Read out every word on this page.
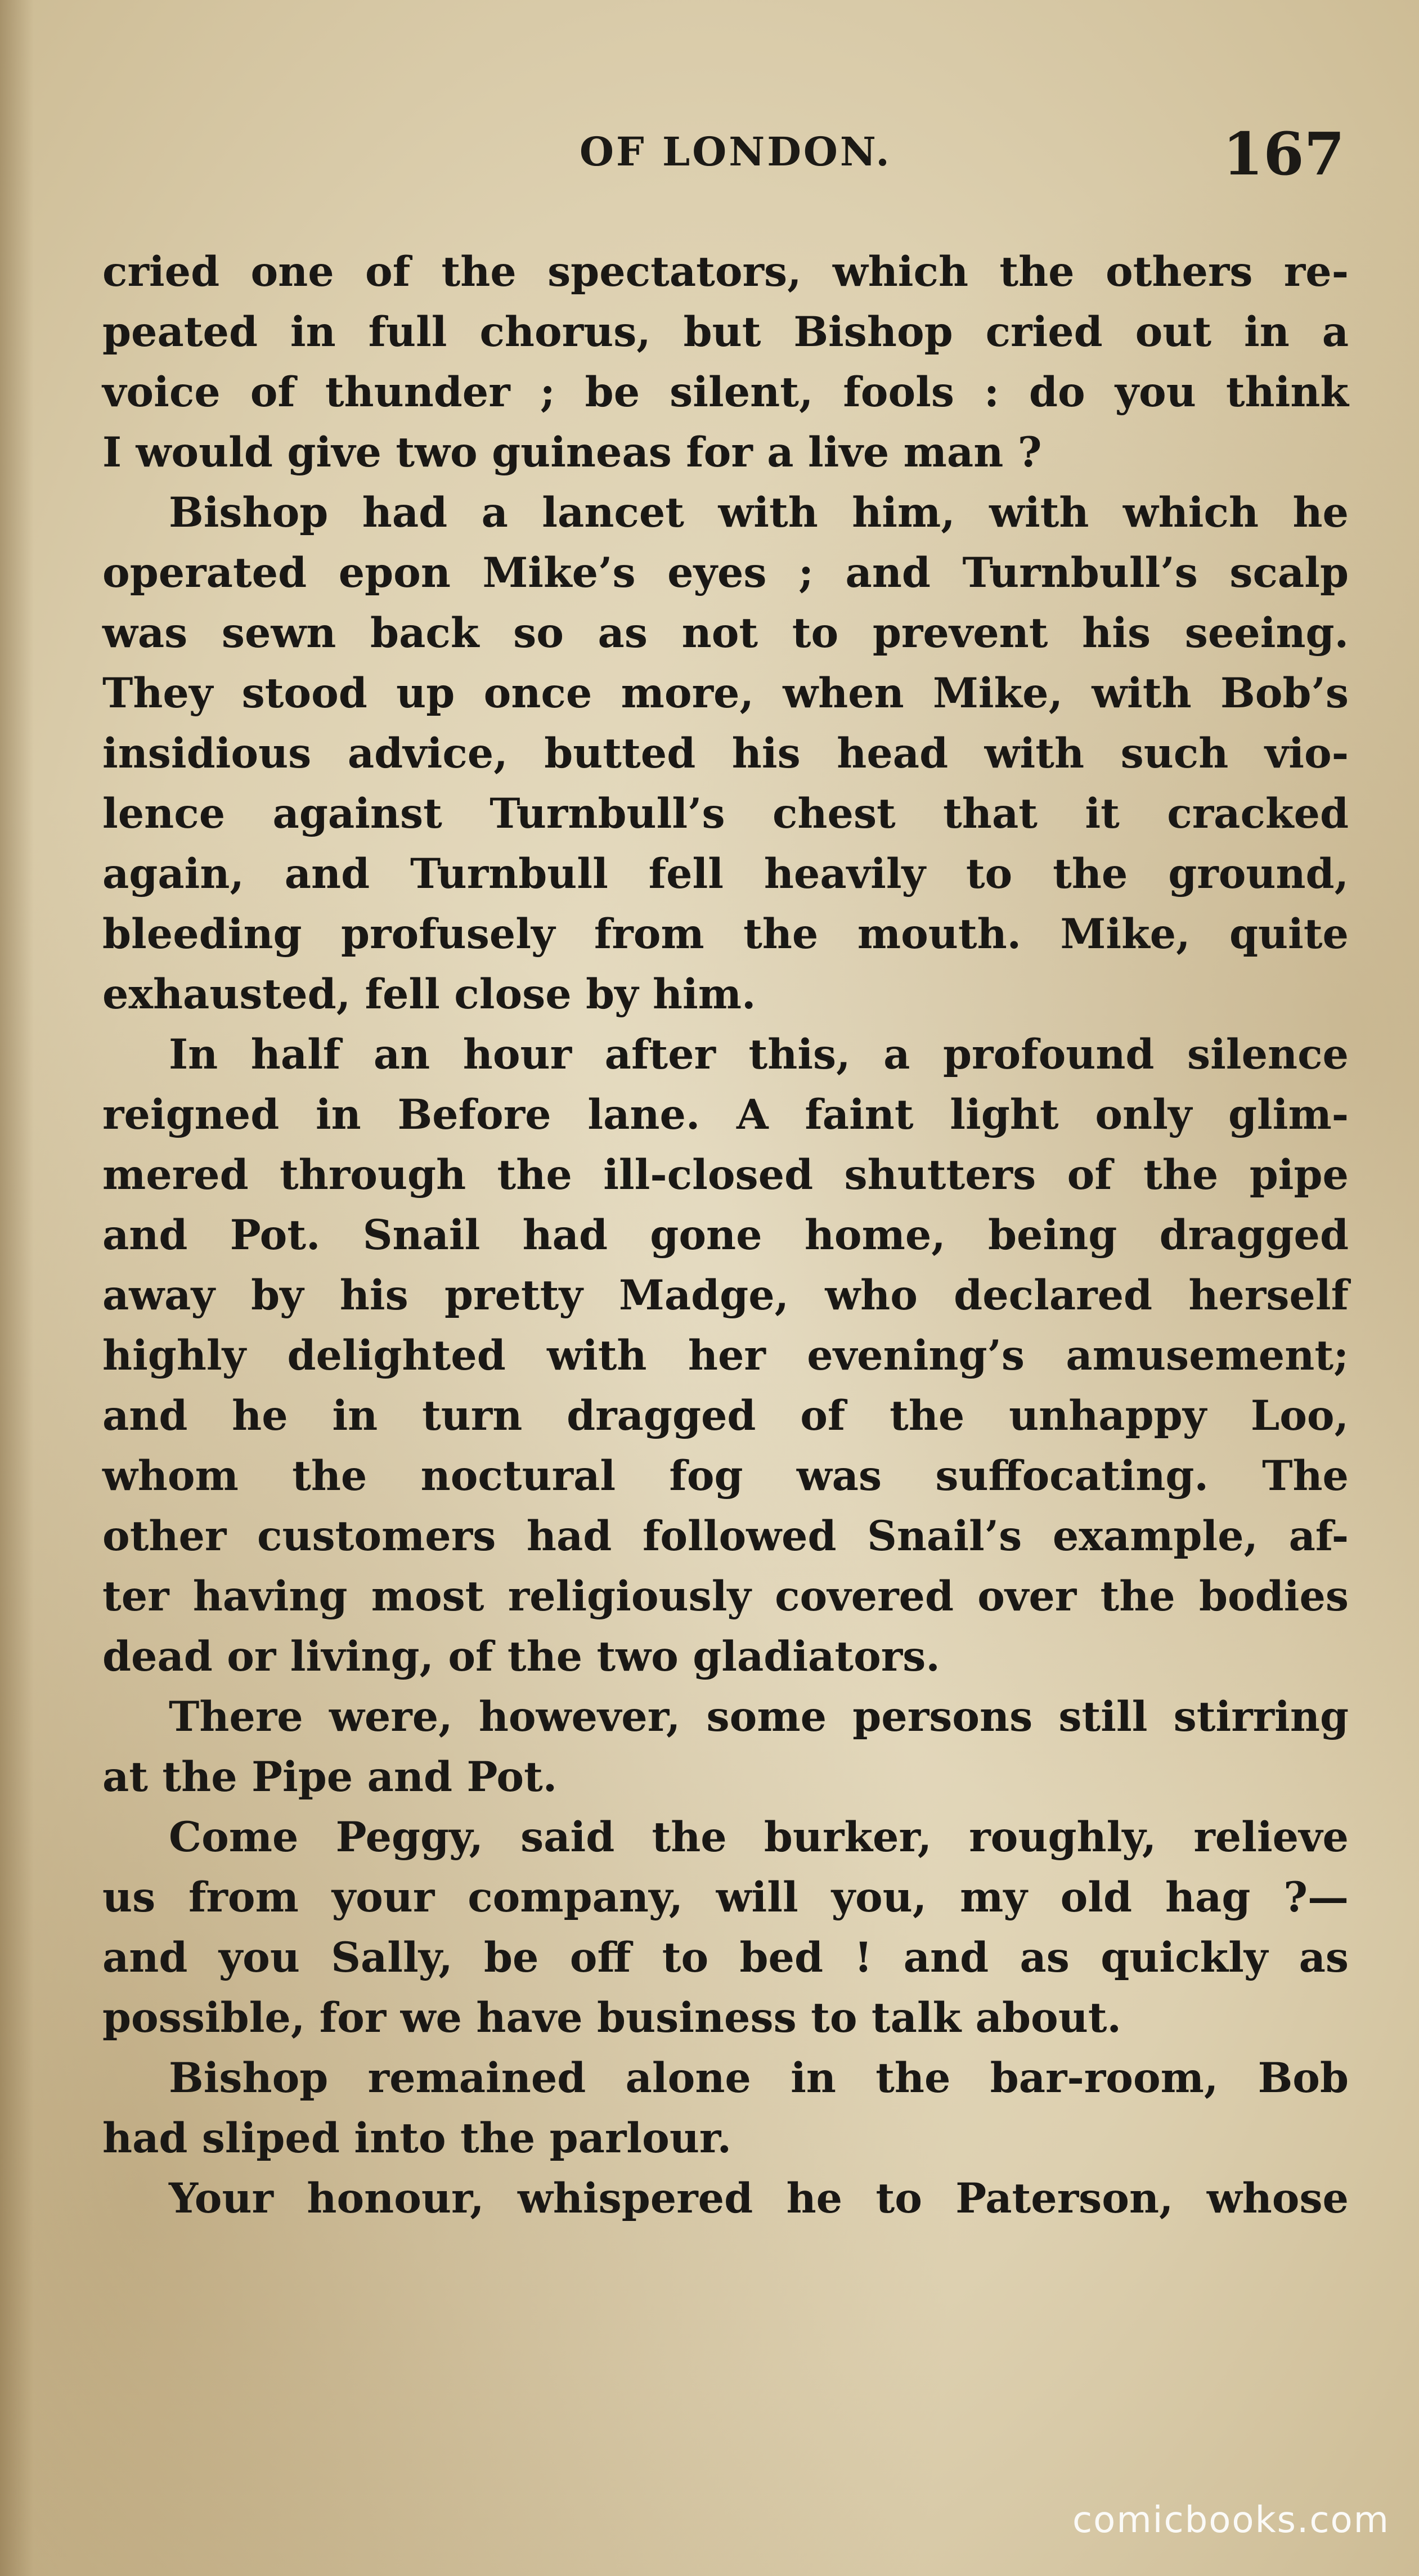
OF LONDON.	167
cried one of the spectators, which the others re-
peated in full chorus, but Bishop cried out in a
voice of thunder ; be silent, fools : do you think
I would give two guineas for a live man ?
Bishop had a lancet with him, with which he
operated epon Mike’s eyes ; and Turnbull’s scalp
was sewn back so as not to prevent his seeing.
They stood up once more, when Mike, with Bob’s
insidious advice, butted his head with such vio-
lence against Turnbull’s chest that it cracked
again, and Turnbull fell heavily to the ground,
bleeding profusely from the mouth. Mike, quite
exhausted, fell close by him.
In half an hour after this, a profound silence
reigned in Before lane. A faint light only glim-
mered through the ill-closed shutters of the pipe
and Pot. Snail had gone home, being dragged
away by his pretty Madge, who declared herself
highly delighted with her evening’s amusement;
and he in turn dragged of the unhappy Loo,
whom the noctural fog was suffocating. The
other customers had followed Snail’s example, af-
ter having most religiously covered over the bodies
dead or living, of the two gladiators.
There were, however, some persons still stirring
at the Pipe and Pot.
Come Peggy, said the burker, roughly, relieve
us from your company, will you, my old hag ?—
and you Sally, be off to bed ! and as quickly as
possible, for we have business to talk about.
Bishop remained alone in the bar-room, Bob
had sliped into the parlour.
Your honour, whispered he to Paterson, whose
comicbooks.com
